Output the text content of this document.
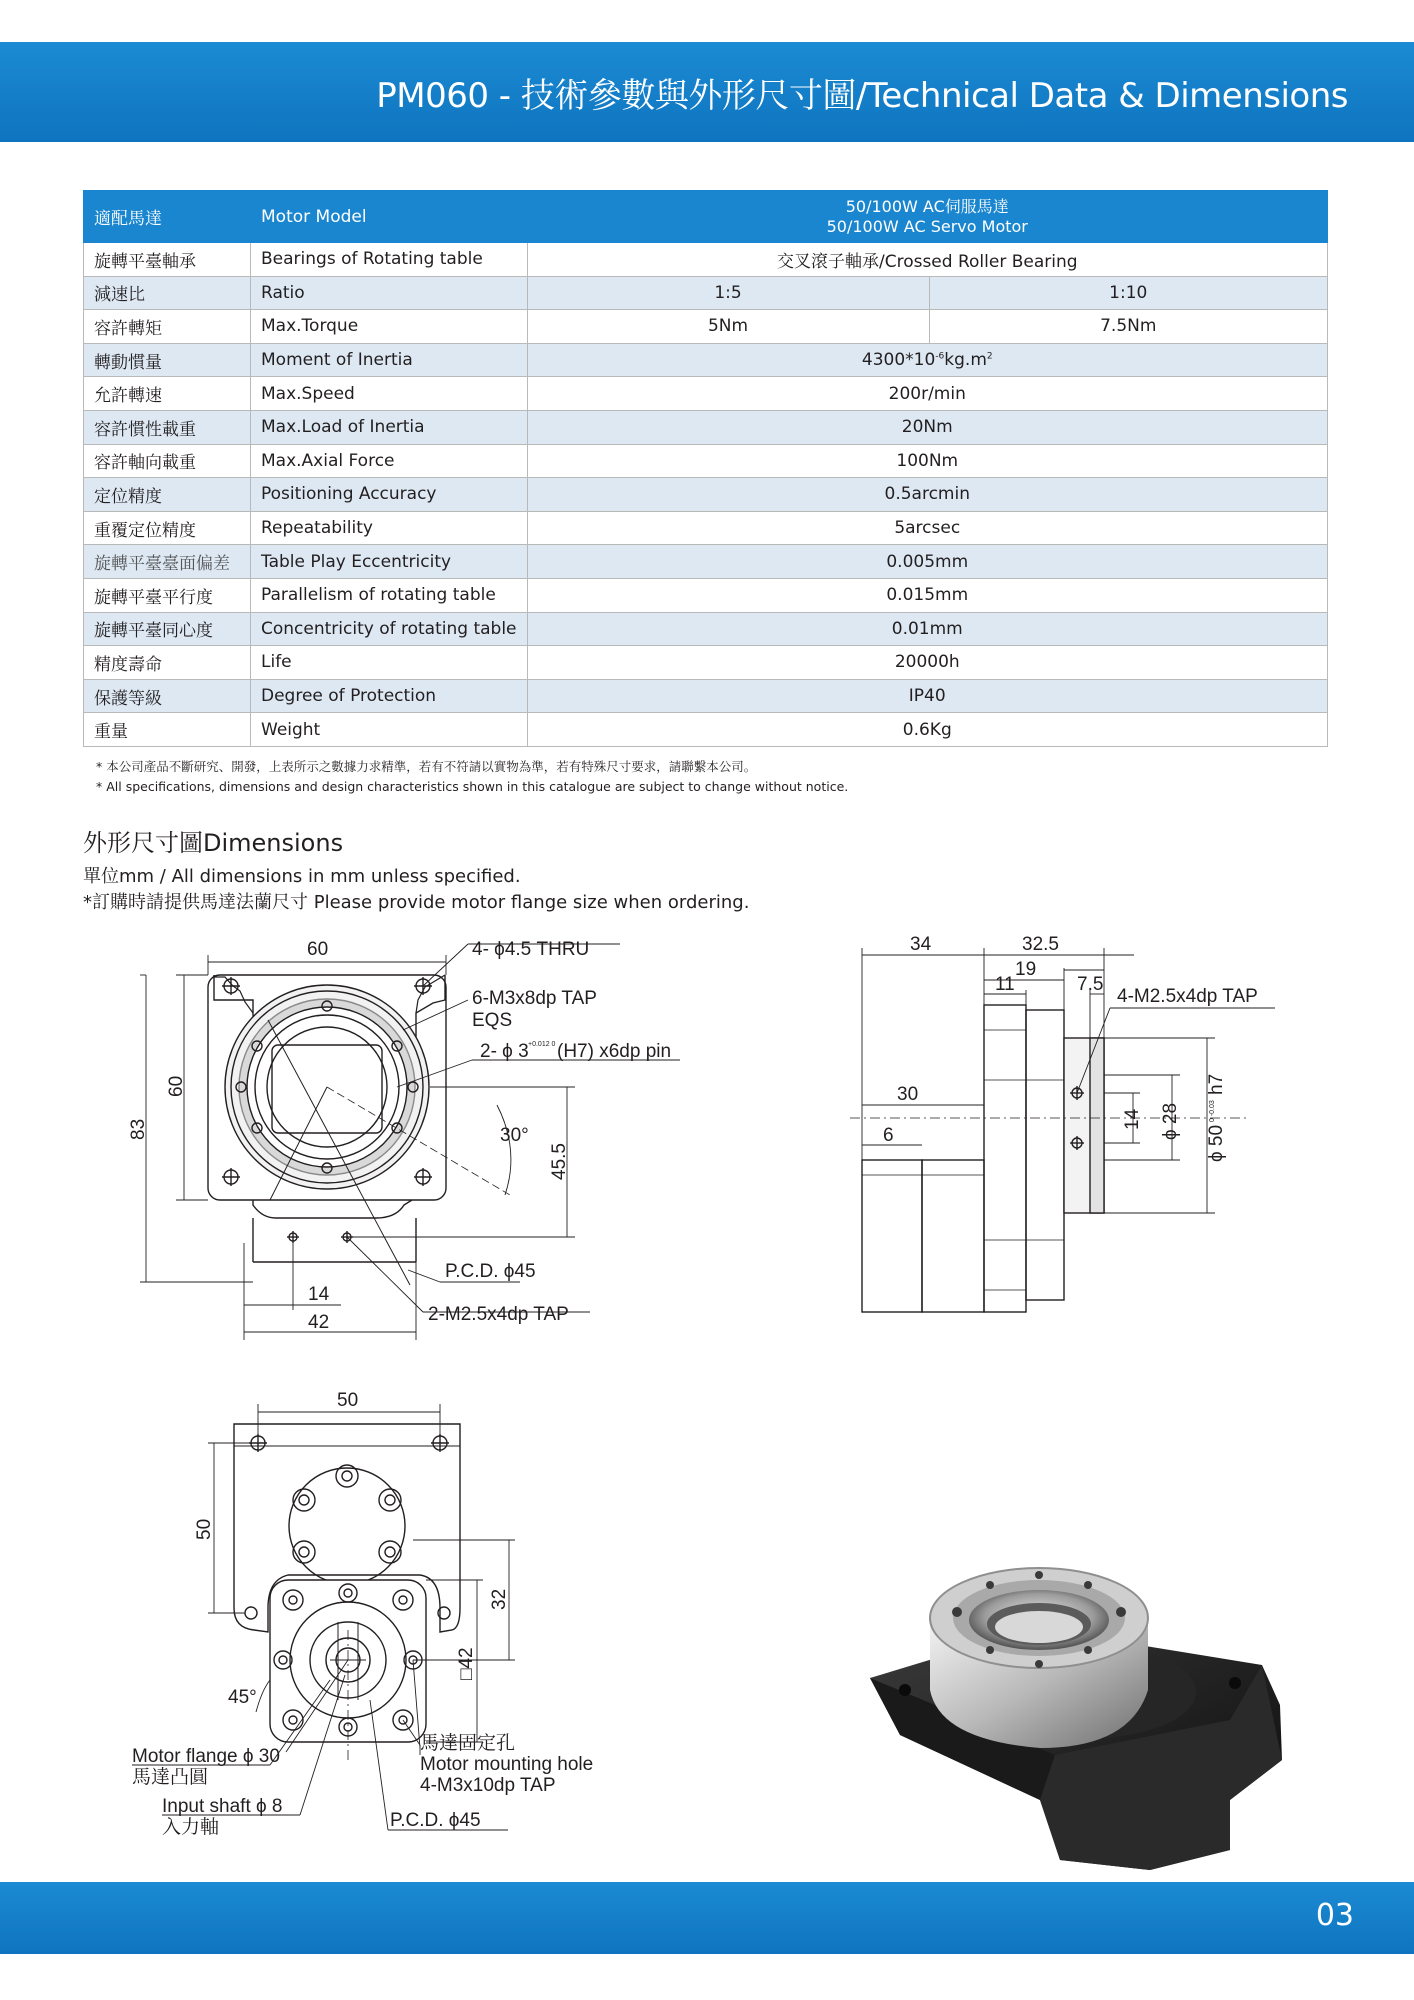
PM060 - 技術參數與外形尺寸圖/Technical Data & Dimensions
適配馬達	Motor Model	50/100W AC伺服馬達
50/100W AC Servo Motor	

旋轉平臺軸承	Bearings of Rotating table	交叉滾子軸承/Crossed Roller Bearing	
減速比	Ratio	1:5	1:10
容許轉矩	Max.Torque	5Nm	7.5Nm
轉動慣量	Moment of Inertia	$4300*10^{-6}kg.m^2$
允許轉速	Max.Speed	200r/min	
容許慣性載重	Max.Load of Inertia	20Nm	
容許軸向載重	Max.Axial Force	100Nm	
定位精度	Positioning Accuracy	0.5arcmin	
重覆定位精度	Repeatability	5arcsec	
旋轉平臺臺面偏差	Table Play Eccentricity	0.005mm	
旋轉平臺平行度	Parallelism of rotating table	0.015mm	
旋轉平臺同心度	Concentricity of rotating table	0.01mm	
精度壽命	Life	20000h	
保護等級	Degree of Protection	IP40	
重量	Weight	0.6Kg	
* 本公司產品不斷研究、開發，上表所示之數據力求精準，若有不符請以實物為準，若有特殊尺寸要求，請聯繫本公司。
* All specifications, dimensions and design characteristics shown in this catalogue are subject to change without notice.
外形尺寸圖Dimensions
單位mm / All dimensions in mm unless specified.
*訂購時請提供馬達法蘭尺寸 Please provide motor flange size when ordering.
60	4- ϕ4.5 THRU
6-M3x8dp TAP
EQS
2- ϕ 3 +0.012 0 (H7) x6dp pin
30°
45.5
60
83
P.C.D. ϕ45
14
42	2-M2.5x4dp TAP
34	32.5
19
11	7.5
4-M2.5x4dp TAP
30
6
14 ϕ 28
ϕ 50
0 -0.03
h7
50
50
32
□42
45°
馬達固定孔
Motor mounting hole
4-M3x10dp TAP
Motor flange ϕ 30
馬達凸圓
Input shaft ϕ 8
入力軸	P.C.D. ϕ45
03
